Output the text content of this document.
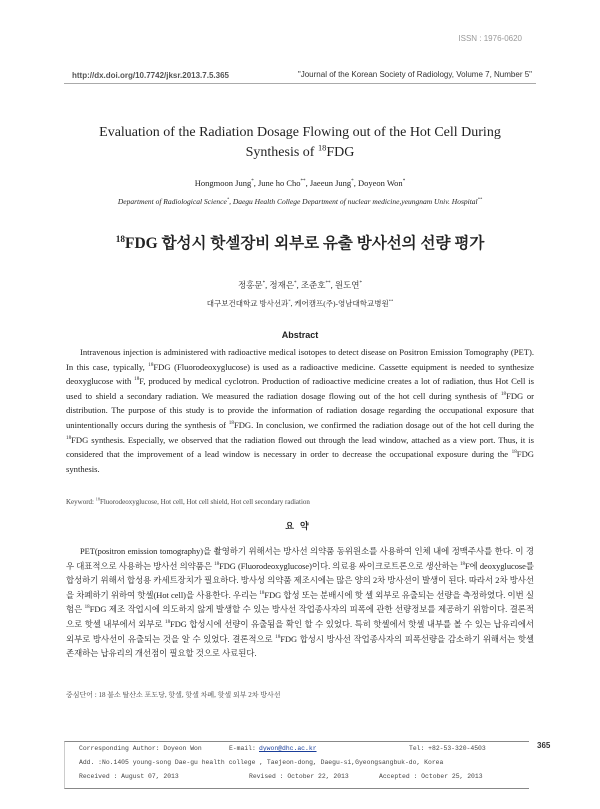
ISSN : 1976-0620
http://dx.doi.org/10.7742/jksr.2013.7.5.365	"Journal of the Korean Society of Radiology, Volume 7, Number 5"
Evaluation of the Radiation Dosage Flowing out of the Hot Cell During
Synthesis of $^{18}$FDG
Hongmoon Jung*, June ho Cho**, Jaeeun Jung*, Doyeon Won*
Department of Radiological Science*, Daegu Health College Department of nuclear medicine,yeungnam Univ. Hospital**
$^{18}$FDG 합성시 핫셀장비 외부로 유출 방사선의 선량 평가
정홍문*, 정재은*, 조준호**, 원도연*
대구보건대학교 방사선과*, 케어캠프(주)-영남대학교병원**
Abstract

Intravenous injection is administered with radioactive medical isotopes to detect disease on Positron Emission Tomography (PET). In this case, typically, $^{18}$FDG (Fluorodeoxyglucose) is used as a radioactive medicine. Cassette equipment is needed to synthesize deoxyglucose with $^{18}$F, produced by medical cyclotron. Production of radioactive medicine creates a lot of radiation, thus Hot Cell is used to shield a secondary radiation. We measured the radiation dosage flowing out of the hot cell during synthesis of $^{18}$FDG or distribution. The purpose of this study is to provide the information of radiation dosage regarding the occupational exposure that unintentionally occurs during the synthesis of $^{18}$FDG. In conclusion, we confirmed the radiation dosage out of the hot cell during the $^{18}$FDG synthesis. Especially, we observed that the radiation flowed out through the lead window, attached as a view port. Thus, it is considered that the improvement of a lead window is necessary in order to decrease the occupational exposure during the $^{18}$FDG synthesis.

Keyword: $^{18}$Fluorodeoxyglucose, Hot cell, Hot cell shield, Hot cell secondary radiation
요약

PET(positron emission tomography)을 촬영하기 위해서는 방사선 의약품 동위원소를 사용하여 인체 내에 정맥주사를 한다. 이 경우 대표적으로 사용하는 방사선 의약품은 $^{18}$FDG (Fluorodeoxyglucose)이다. 의료용 싸이크로트론으로 생산하는 $^{18}$F에 deoxyglucose를 합성하기 위해서 합성용 카세트장치가 필요하다. 방사성 의약품 제조시에는 많은 양의 2차 방사선이 발생이 된다. 따라서 2차 방사선을 차폐하기 위하여 핫셀(Hot cell)을 사용한다. 우리는 $^{18}$FDG 합성 또는 분배시에 핫 셀 외부로 유출되는 선량을 측정하였다. 이번 실험은 $^{18}$FDG 제조 작업시에 의도하지 않게 발생할 수 있는 방사선 작업종사자의 피폭에 관한 선량정보를 제공하기 위함이다. 결론적으로 핫셀 내부에서 외부로 $^{18}$FDG 합성시에 선량이 유출됨을 확인 할 수 있었다. 특히 핫셀에서 핫셀 내부를 볼 수 있는 납유리에서 외부로 방사선이 유출되는 것을 알 수 있었다. 결론적으로 $^{18}$FDG 합성시 방사선 작업종사자의 피폭선량을 감소하기 위해서는 핫셀 존재하는 납유리의 개선점이 필요할 것으로 사료된다.

중심단어 : 18 불소 탈산소 포도당, 핫셀, 핫셀 차폐, 핫셀 외부 2차 방사선
Corresponding Author: Doyeon Won	E-mail: dywon@dhc.ac.kr	Tel: +82-53-320-4503
Add. :No.1405 young-song Dae-gu health college , Taejeon-dong, Daegu-si,Gyeongsangbuk-do, Korea
Received : August 07, 2013	Revised : October 22, 2013	Accepted : October 25, 2013
365
